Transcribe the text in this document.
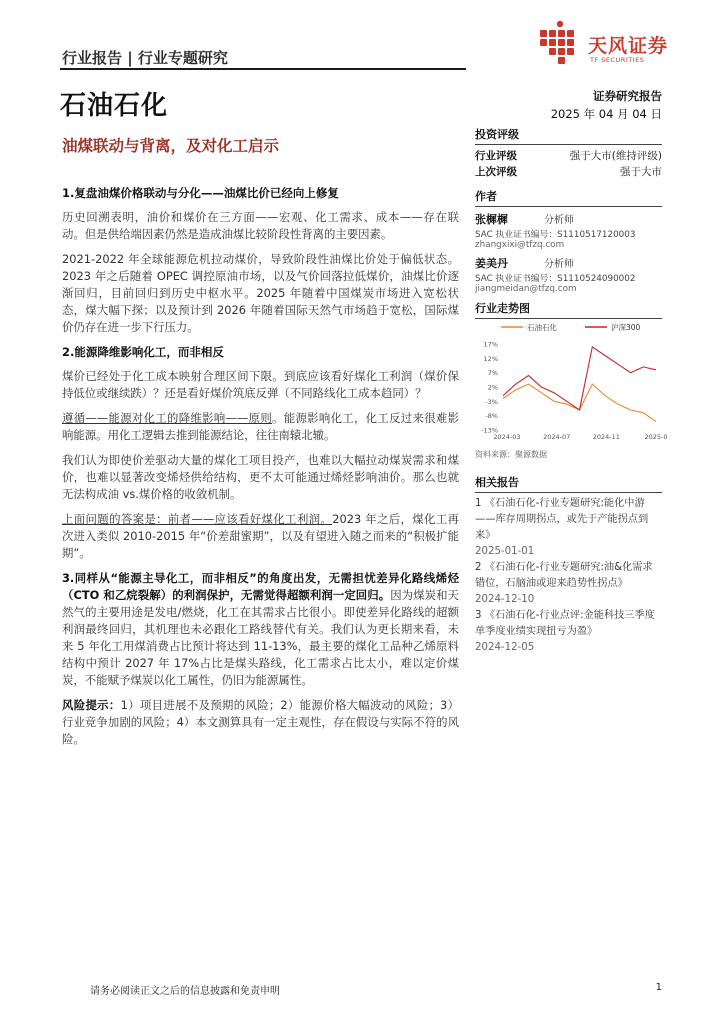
行业报告 | 行业专题研究
天风证券
TF SECURITIES
石油石化
油煤联动与背离，及对化工启示
证券研究报告
2025 年 04 月 04 日
投资评级
行业评级	强于大市(维持评级)
上次评级	强于大市
作者
张樨樨	分析师
SAC 执业证书编号：S1110517120003
zhangxixi@tfzq.com
姜美丹	分析师
SAC 执业证书编号：S1110524090002
jiangmeidan@tfzq.com
行业走势图
17%
12%
7%
2%
-3%
-8%
-13%
2024-03	2024-07	2024-11	2025-0
石油石化	沪深300
资料来源：聚源数据
相关报告
1 《石油石化-行业专题研究:能化中游——库存周期拐点，或先于产能拐点到来》
2025-01-01
2 《石油石化-行业专题研究:油&化需求错位，石脑油或迎来趋势性拐点》
2024-12-10
3 《石油石化-行业点评:金能科技三季度单季度业绩实现扭亏为盈》
2024-12-05
1.复盘油煤价格联动与分化——油煤比价已经向上修复

历史回溯表明，油价和煤价在三方面——宏观、化工需求、成本——存在联动。但是供给端因素仍然是造成油煤比较阶段性背离的主要因素。

2021-2022 年全球能源危机拉动煤价，导致阶段性油煤比价处于偏低状态。2023 年之后随着 OPEC 调控原油市场，以及气价回落拉低煤价，油煤比价逐渐回归，目前回归到历史中枢水平。2025 年随着中国煤炭市场进入宽松状态，煤大幅下探；以及预计到 2026 年随着国际天然气市场趋于宽松，国际煤价仍存在进一步下行压力。

2.能源降维影响化工，而非相反

煤价已经处于化工成本映射合理区间下限。到底应该看好煤化工利润（煤价保持低位或继续跌）？还是看好煤价筑底反弹（不同路线化工成本趋同）？

遵循——能源对化工的降维影响——原则。能源影响化工，化工反过来很难影响能源。用化工逻辑去推到能源结论，往往南辕北辙。

我们认为即使价差驱动大量的煤化工项目投产，也难以大幅拉动煤炭需求和煤价，也难以显著改变烯烃供给结构，更不太可能通过烯烃影响油价。那么也就无法构成油 vs.煤价格的收敛机制。

上面问题的答案是：前者——应该看好煤化工利润。2023 年之后，煤化工再次进入类似 2010-2015 年“价差甜蜜期”，以及有望进入随之而来的“积极扩能期”。

3.同样从“能源主导化工，而非相反”的角度出发，无需担忧差异化路线烯烃（CTO 和乙烷裂解）的利润保护，无需觉得超额利润一定回归。因为煤炭和天然气的主要用途是发电/燃烧，化工在其需求占比很小。即使差异化路线的超额利润最终回归，其机理也未必跟化工路线替代有关。我们认为更长期来看，未来 5 年化工用煤消费占比预计将达到 11-13%，最主要的煤化工品种乙烯原料结构中预计 2027 年 17%占比是煤头路线，化工需求占比太小，难以定价煤炭，不能赋予煤炭以化工属性，仍旧为能源属性。

风险提示：1）项目进展不及预期的风险；2）能源价格大幅波动的风险；3）行业竞争加剧的风险；4）本文测算具有一定主观性，存在假设与实际不符的风险。

请务必阅读正文之后的信息披露和免责申明	1
